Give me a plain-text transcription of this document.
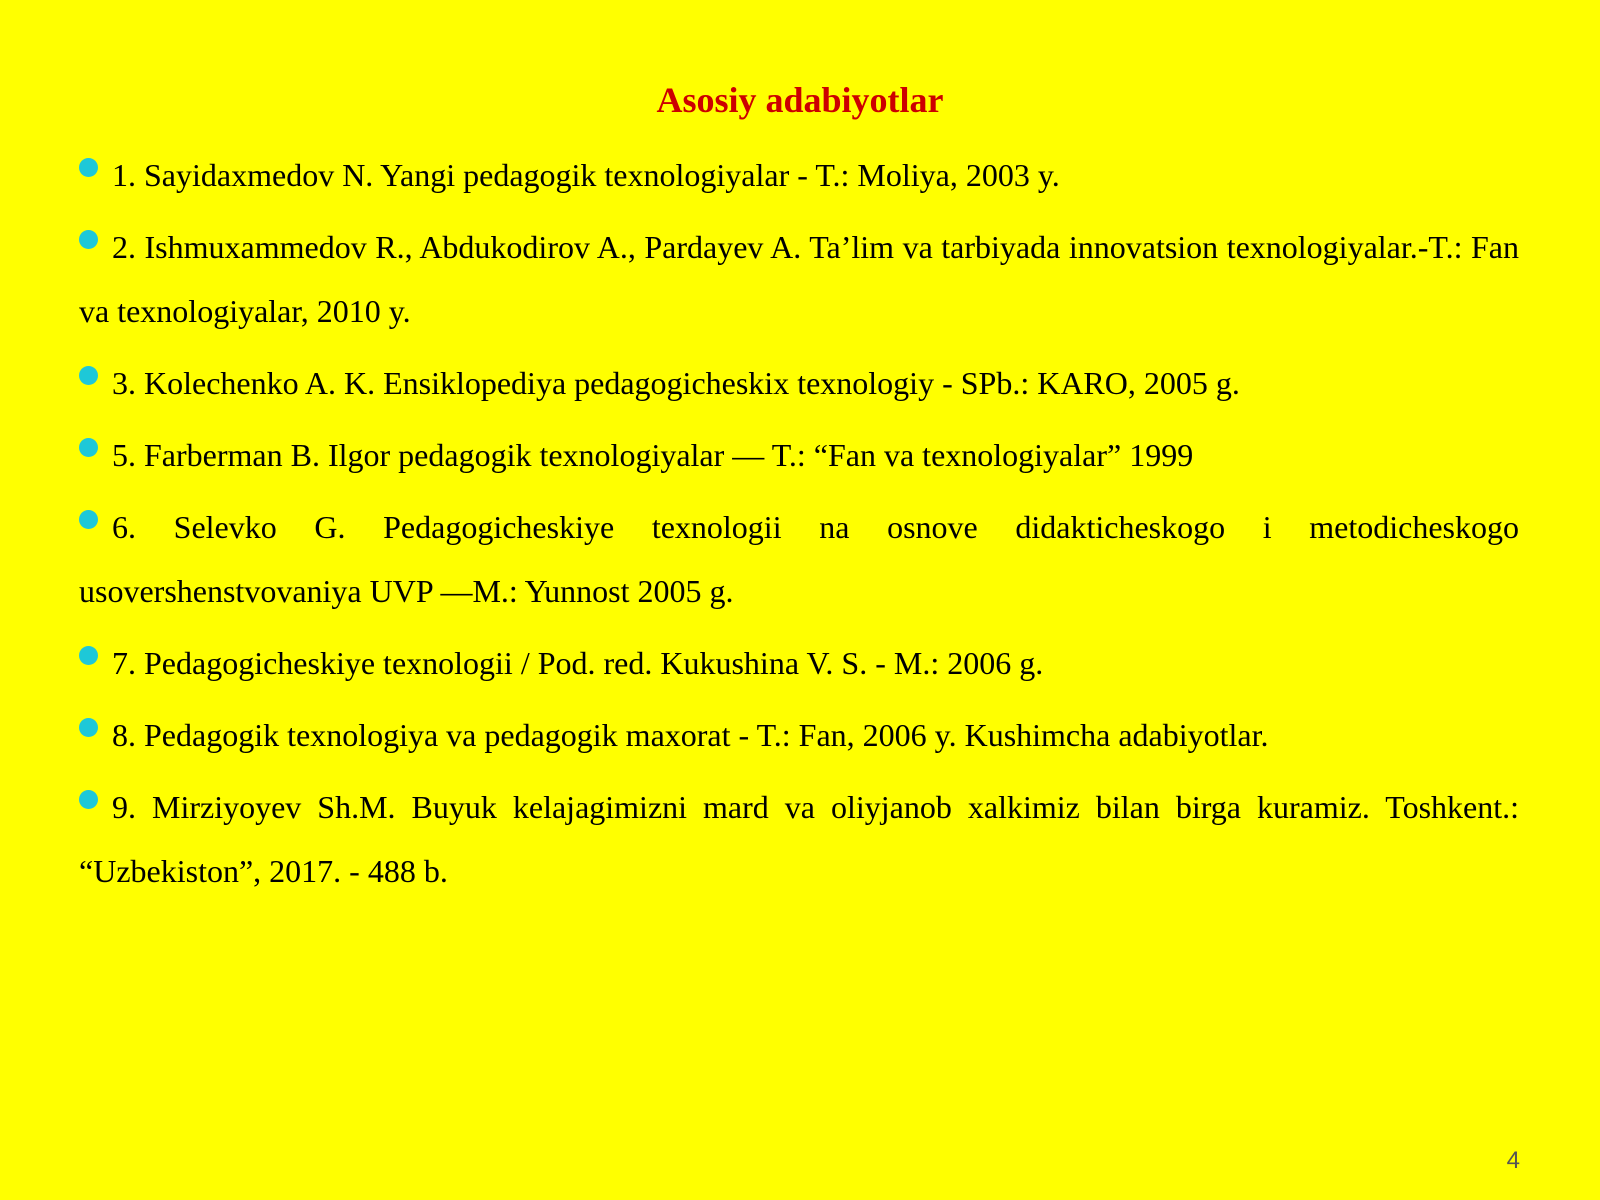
Asosiy adabiyotlar
1. Sayidaxmedov N. Yangi pedagogik texnologiyalar - T.: Moliya, 2003 y.
2. Ishmuxammedov R., Abdukodirov A., Pardayev A. Ta’lim va tarbiyada innovatsion texnologiyalar.-T.: Fan va texnologiyalar, 2010 y.
3. Kolechenko A. K. Ensiklopediya pedagogicheskix texnologiy - SPb.: KARO, 2005 g.
5. Farberman B. Ilgor pedagogik texnologiyalar — T.: “Fan va texnologiyalar” 1999
6. Selevko G. Pedagogicheskiye texnologii na osnove didakticheskogo i metodicheskogo usovershenstvovaniya UVP —M.: Yunnost 2005 g.
7. Pedagogicheskiye texnologii / Pod. red. Kukushina V. S. - M.: 2006 g.
8. Pedagogik texnologiya va pedagogik maxorat - T.: Fan, 2006 y. Kushimcha adabiyotlar.
9. Mirziyoyev Sh.M. Buyuk kelajagimizni mard va oliyjanob xalkimiz bilan birga kuramiz. Toshkent.: “Uzbekiston”, 2017. - 488 b.
4
